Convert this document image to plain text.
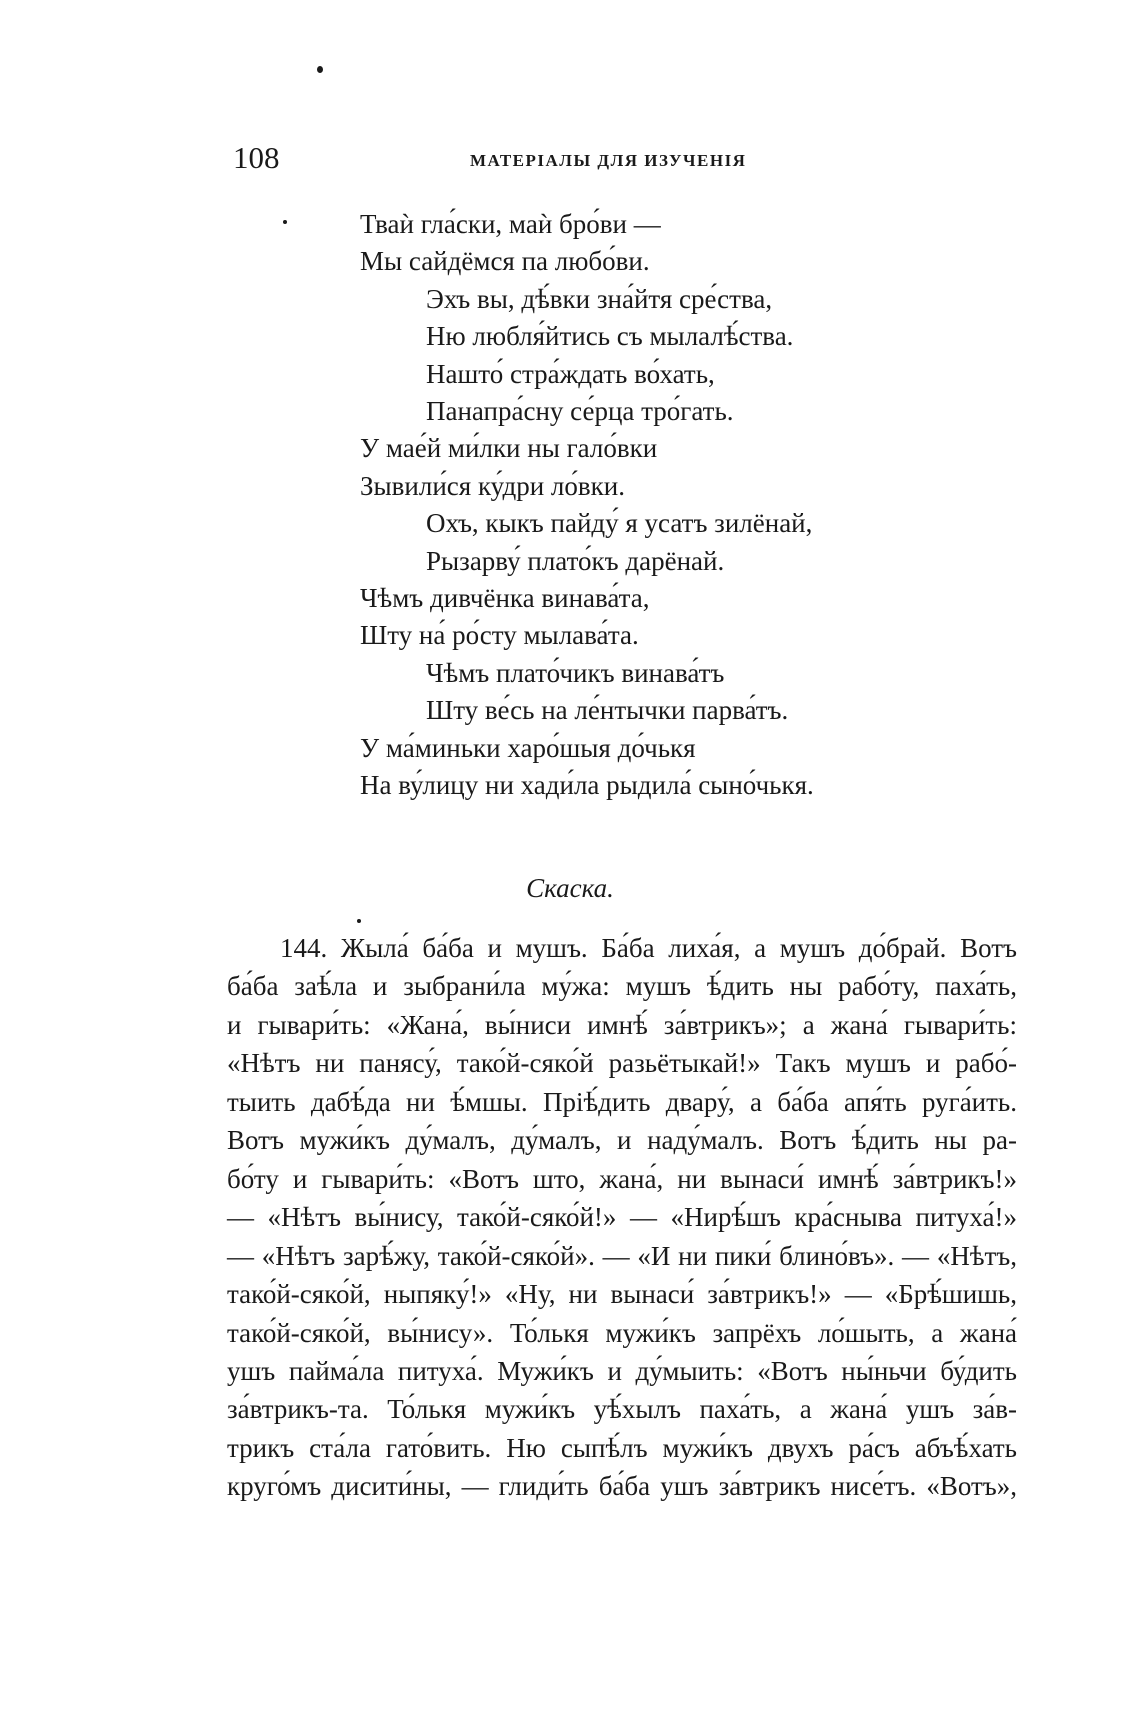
108	МАТЕРІАЛЫ ДЛЯ ИЗУЧЕНІЯ
Тваѝ гла́ски, маѝ бро́ви —
Мы сайдёмся па любо́ви.
Эхъ вы, дѣ́вки зна́йтя сре́ства,
Ню любля́йтись съ мылалѣ́ства.
Нашто́ стра́ждать во́хать,
Панапра́сну се́рца тро́гать.
У мае́й ми́лки ны гало́вки
Зывили́ся ку́дри ло́вки.
Охъ, кыкъ пайду́ я усатъ зилёнай,
Рызарву́ плато́къ дарёнай.
Чѣмъ дивчёнка винава́та,
Шту на́ ро́сту мылава́та.
Чѣмъ плато́чикъ винава́тъ
Шту ве́сь на ле́нтычки парва́тъ.
У ма́миньки харо́шыя до́чькя
На ву́лицу ни хади́ла рыдила́ сыно́чькя.
Скаска.
144. Жыла́ ба́ба и мушъ. Ба́ба лиха́я, а мушъ до́брай. Вотъ
ба́ба заѣ́ла и зыбрани́ла му́жа: мушъ ѣ́дить ны рабо́ту, паха́ть,
и гывари́ть: «Жана́, вы́ниси имнѣ́ за́втрикъ»; а жана́ гывари́ть:
«Нѣтъ ни панясу́, тако́й-сяко́й разьётыкай!» Такъ мушъ и рабо́-
тыить дабѣ́да ни ѣ́мшы. Пріѣ́дить двару́, а ба́ба апя́ть руга́ить.
Вотъ мужи́къ ду́малъ, ду́малъ, и наду́малъ. Вотъ ѣ́дить ны ра-
бо́ту и гывари́ть: «Вотъ што, жана́, ни вынаси́ имнѣ́ за́втрикъ!»
— «Нѣтъ вы́нису, тако́й-сяко́й!» — «Нирѣ́шъ кра́сныва питуха́!»
— «Нѣтъ зарѣ́жу, тако́й-сяко́й». — «И ни пики́ блино́въ». — «Нѣтъ,
тако́й-сяко́й, ныпяку́!» «Ну, ни вынаси́ за́втрикъ!» — «Брѣ́шишь,
тако́й-сяко́й, вы́нису». То́лькя мужи́къ запрёхъ ло́шыть, а жана́
ушъ пайма́ла питуха́. Мужи́къ и ду́мыить: «Вотъ ны́ньчи бу́дить
за́втрикъ-та. То́лькя мужи́къ уѣ́хылъ паха́ть, а жана́ ушъ за́в-
трикъ ста́ла гато́вить. Ню сыпѣ́лъ мужи́къ двухъ ра́съ абъѣ́хать
круго́мъ дисити́ны, — глиди́ть ба́ба ушъ за́втрикъ нисе́тъ. «Вотъ»,
